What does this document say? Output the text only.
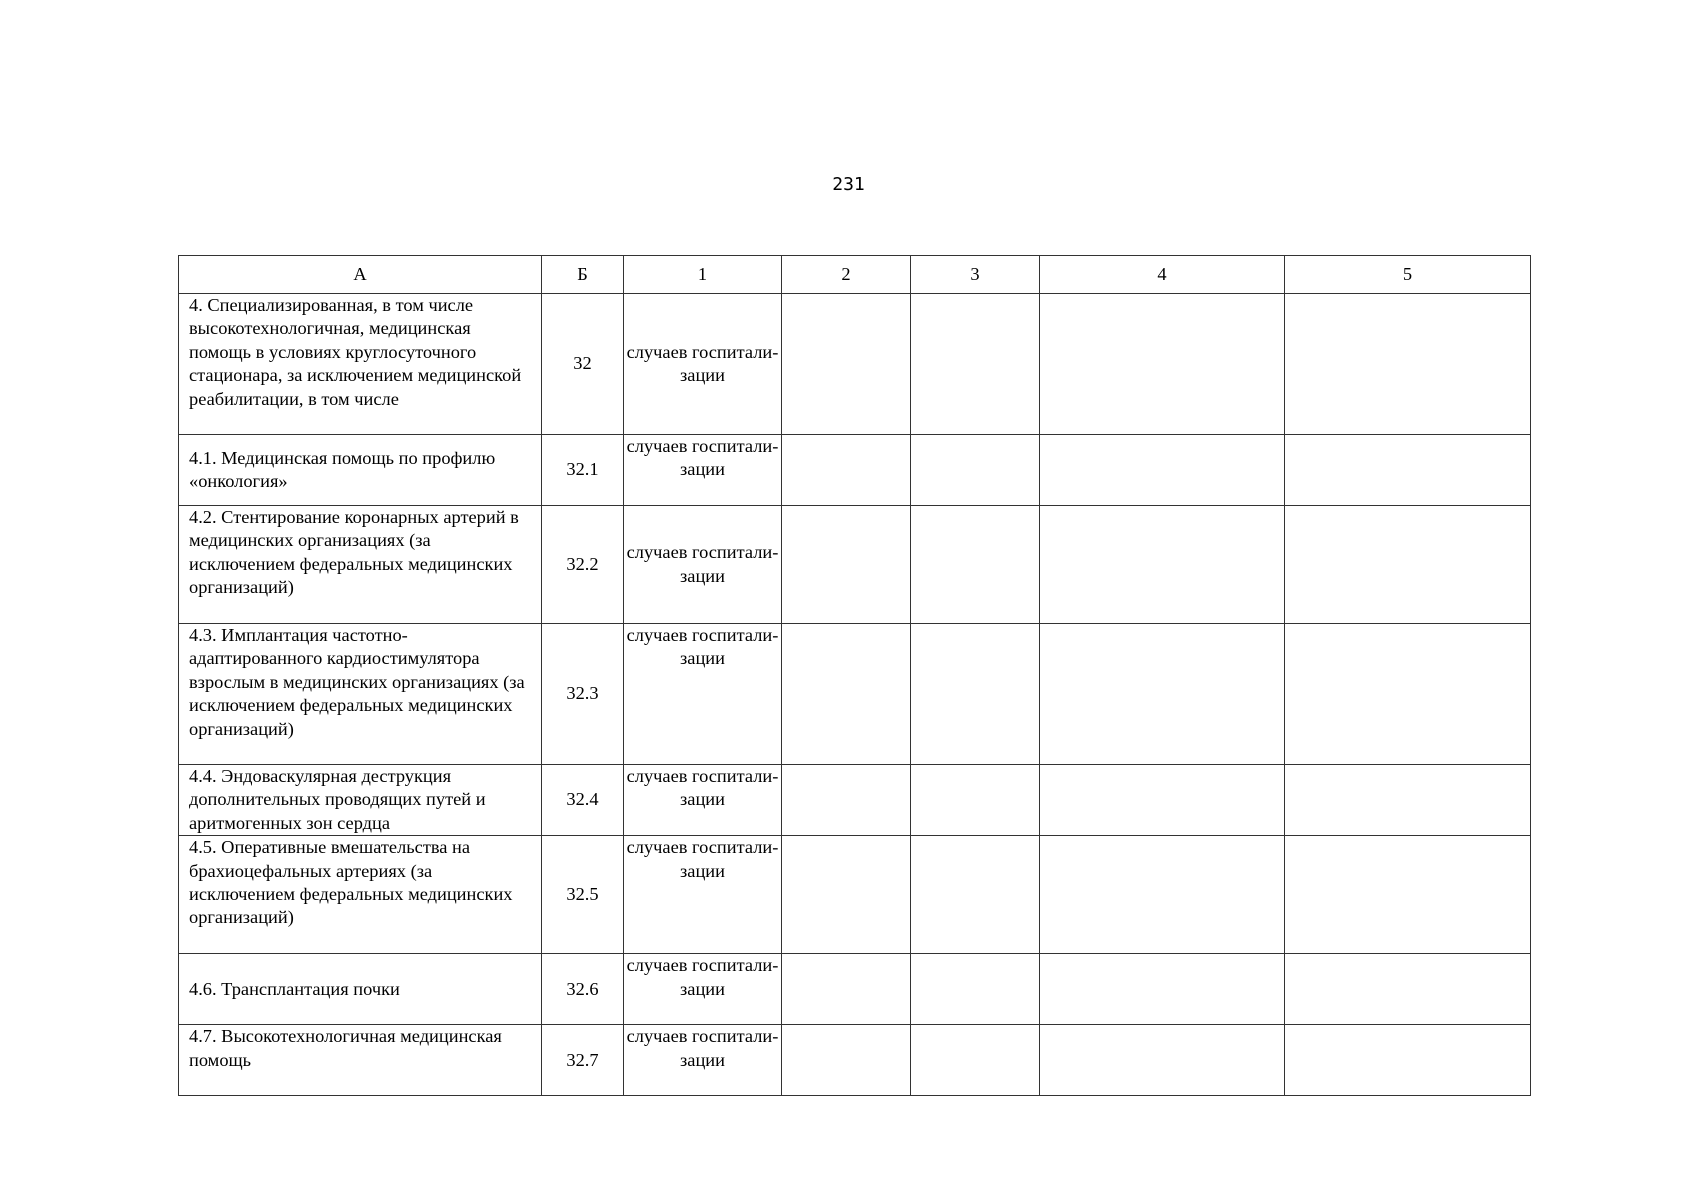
231
А	Б	1	2	3	4	5
4. Специализированная, в том числе высокотехнологичная, медицинская помощь в условиях круглосуточного стационара, за исключением медицинской реабилитации, в том числе	32	случаев госпитали-зации				
4.1. Медицинская помощь по профилю «онкология»	32.1	случаев госпитали-зации				
4.2. Стентирование коронарных артерий в медицинских организациях (за исключением федеральных медицинских организаций)	32.2	случаев госпитали-зации				
4.3. Имплантация частотно-адаптированного кардиостимулятора взрослым в медицинских организациях (за исключением федеральных медицинских организаций)	32.3	случаев госпитали-зации				
4.4. Эндоваскулярная деструкция дополнительных проводящих путей и аритмогенных зон сердца	32.4	случаев госпитали-зации				
4.5. Оперативные вмешательства на брахиоцефальных артериях (за исключением федеральных медицинских организаций)	32.5	случаев госпитали-зации				
4.6. Трансплантация почки	32.6	случаев госпитали-зации				
4.7. Высокотехнологичная медицинская помощь	32.7	случаев госпитали-зации				
